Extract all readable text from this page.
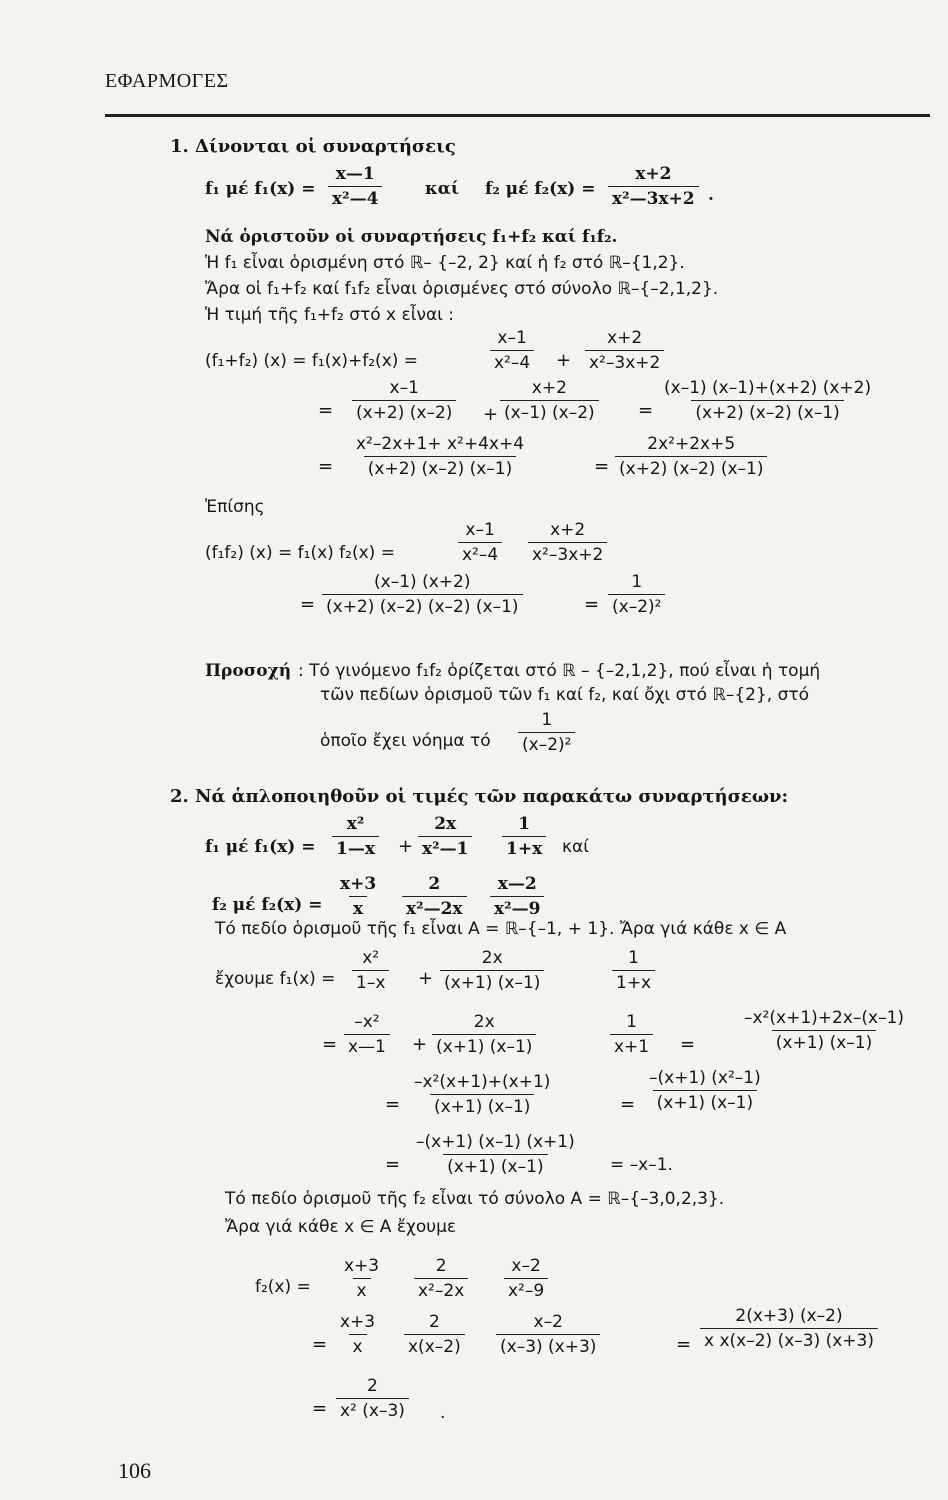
ΕΦΑΡΜΟΓΕΣ
1. Δίνονται οἱ συναρτήσεις
f₁ μέ $f_1(x) = \frac{x—1}{\text{x²—4}}$	καί f₂ μέ $f_2(x) = \frac{x+2}{\text{x²—3x+2}}$ .
Νά ὁριστοῦν οἱ συναρτήσεις f₁+f₂ καί f₁f₂.
Ἡ f₁ εἶναι ὁρισμένη στό ℝ– {–2, 2} καί ἡ f₂ στό ℝ–{1,2}.
Ἄρα οἱ f₁+f₂ καί f₁f₂ εἶναι ὁρισμένες στό σύνολο ℝ–{–2,1,2}.
Ἡ τιμή τῆς f₁+f₂ στό x εἶναι :
(f₁+f₂) (x) = f₁(x)+f₂(x) =	$\frac{x-1}{\text{x²–4}} + \frac{x+2}{\text{x²–3x+2}}$
= $\frac{x-1}{(x+2) (x-2)} + \frac{x+2}{(x-1) (x-2)} = \frac{(x-1) (x-1)+(x+2) (x+2)}{(x+2) (x-2) (x-1)}$
= $\frac{\text{x²–2x+1+ x²+4x+4}}{(x+2) (x-2) (x-1)}$	= $\frac{\text{2x²+2x+5}}{(x+2) (x-2) (x-1)}$
Ἐπίσης
(f₁f₂) (x) = f₁(x) f₂(x) =	$\frac{x-1}{\text{x²–4}} \frac{x+2}{\text{x²–3x+2}}$
= $\frac{(x-1) (x+2)}{(x+2) (x-2) (x-2) (x-1)}$	= $\frac{1}{\text{(x–2)²}}$
Προσοχή : Τό γινόμενο f₁f₂ ὁρίζεται στό ℝ – {–2,1,2}, πού εἶναι ἡ τομή
τῶν πεδίων ὁρισμοῦ τῶν f₁ καί f₂, καί ὄχι στό ℝ–{2}, στό
ὁποῖο ἔχει νόημα τό $\frac{1}{\text{(x–2)²}}$
2. Νά ἁπλοποιηθοῦν οἱ τιμές τῶν παρακάτω συναρτήσεων:
f₁ μέ $f_1(x) = \frac{\text{x²}}{1—x} + \frac{2x}{\text{x²—1}} \frac{1}{1+x}$ καί
f₂ μέ $f_2(x) = \frac{x+3}{x} \frac{2}{\text{x²—2x}} \frac{x—2}{\text{x²—9}}$
Τό πεδίο ὁρισμοῦ τῆς f₁ εἶναι A = ℝ–{–1, + 1}. Ἄρα γιά κάθε x ∈ A
ἔχουμε $f_1(x) = \frac{\text{x²}}{1-x} + \frac{2x}{(x+1) (x-1)}$	$\frac{1}{1+x}$
= $\frac{\text{–x²}}{x—1} + \frac{2x}{(x+1) (x-1)}$	$\frac{1}{x+1}$ =	$\frac{\text{–x²(x+1)+2x–(x–1)}}{(x+1) (x-1)}$
= $\frac{\text{–x²(x+1)+(x+1)}}{(x+1) (x-1)}$	= $\frac{\text{–(x+1) (x²–1)}}{(x+1) (x-1)}$
= $\frac{-(x+1) (x-1) (x+1)}{(x+1) (x-1)} = -x-1$.
Τό πεδίο ὁρισμοῦ τῆς f₂ εἶναι τό σύνολο A = ℝ–{–3,0,2,3}.
Ἄρα γιά κάθε x ∈ A ἔχουμε
$f_2(x) = \frac{x+3}{x} \frac{2}{\text{x²–2x}} \frac{x-2}{\text{x²–9}}$
= $\frac{x+3}{x} \frac{2}{x(x-2)} \frac{x-2}{(x-3) (x+3)}$	= $\frac{2(x+3) (x-2)}{\text{x x(x–2) (x–3) (x+3)}}$
= $\frac{2}{\text{x² (x–3)}}$ .
106
